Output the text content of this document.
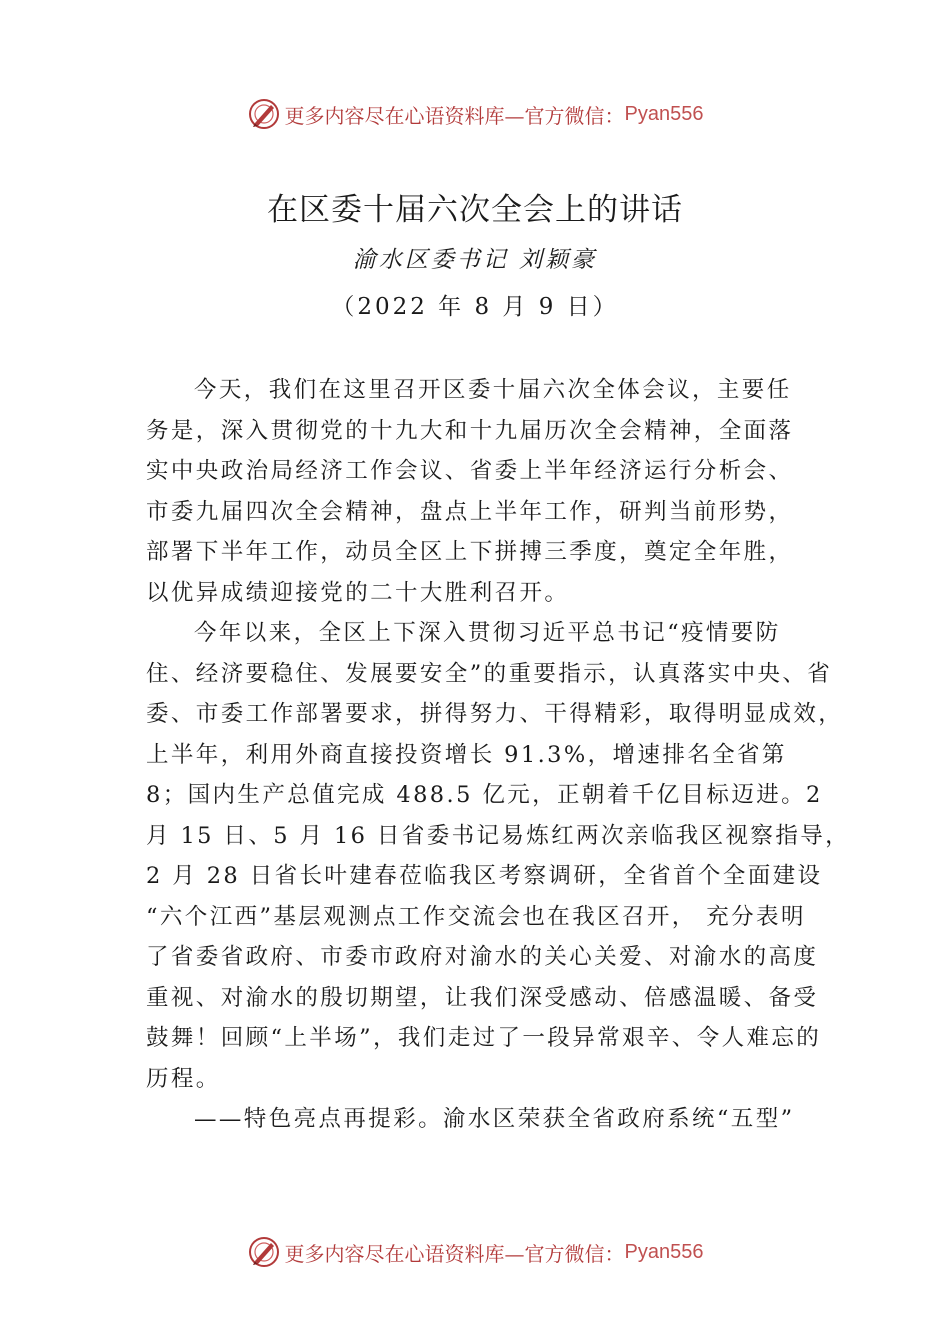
更多内容尽在心语资料库—官方微信： Pyan556
在区委十届六次全会上的讲话
渝水区委书记 刘颖豪
（2022 年 8 月 9 日）
今天，我们在这里召开区委十届六次全体会议，主要任
务是，深入贯彻党的十九大和十九届历次全会精神，全面落
实中央政治局经济工作会议、省委上半年经济运行分析会、
市委九届四次全会精神，盘点上半年工作，研判当前形势，
部署下半年工作，动员全区上下拼搏三季度，奠定全年胜，
以优异成绩迎接党的二十大胜利召开。
今年以来，全区上下深入贯彻习近平总书记“疫情要防
住、经济要稳住、发展要安全”的重要指示，认真落实中央、省
委、市委工作部署要求，拼得努力、干得精彩，取得明显成效，
上半年，利用外商直接投资增长 91.3%，增速排名全省第
8；国内生产总值完成 488.5 亿元，正朝着千亿目标迈进。2
月 15 日、5 月 16 日省委书记易炼红两次亲临我区视察指导，
2 月 28 日省长叶建春莅临我区考察调研，全省首个全面建设
“六个江西”基层观测点工作交流会也在我区召开， 充分表明
了省委省政府、市委市政府对渝水的关心关爱、对渝水的高度
重视、对渝水的殷切期望，让我们深受感动、倍感温暖、备受
鼓舞！回顾“上半场”，我们走过了一段异常艰辛、令人难忘的
历程。
——特色亮点再提彩。渝水区荣获全省政府系统“五型”
更多内容尽在心语资料库—官方微信： Pyan556
